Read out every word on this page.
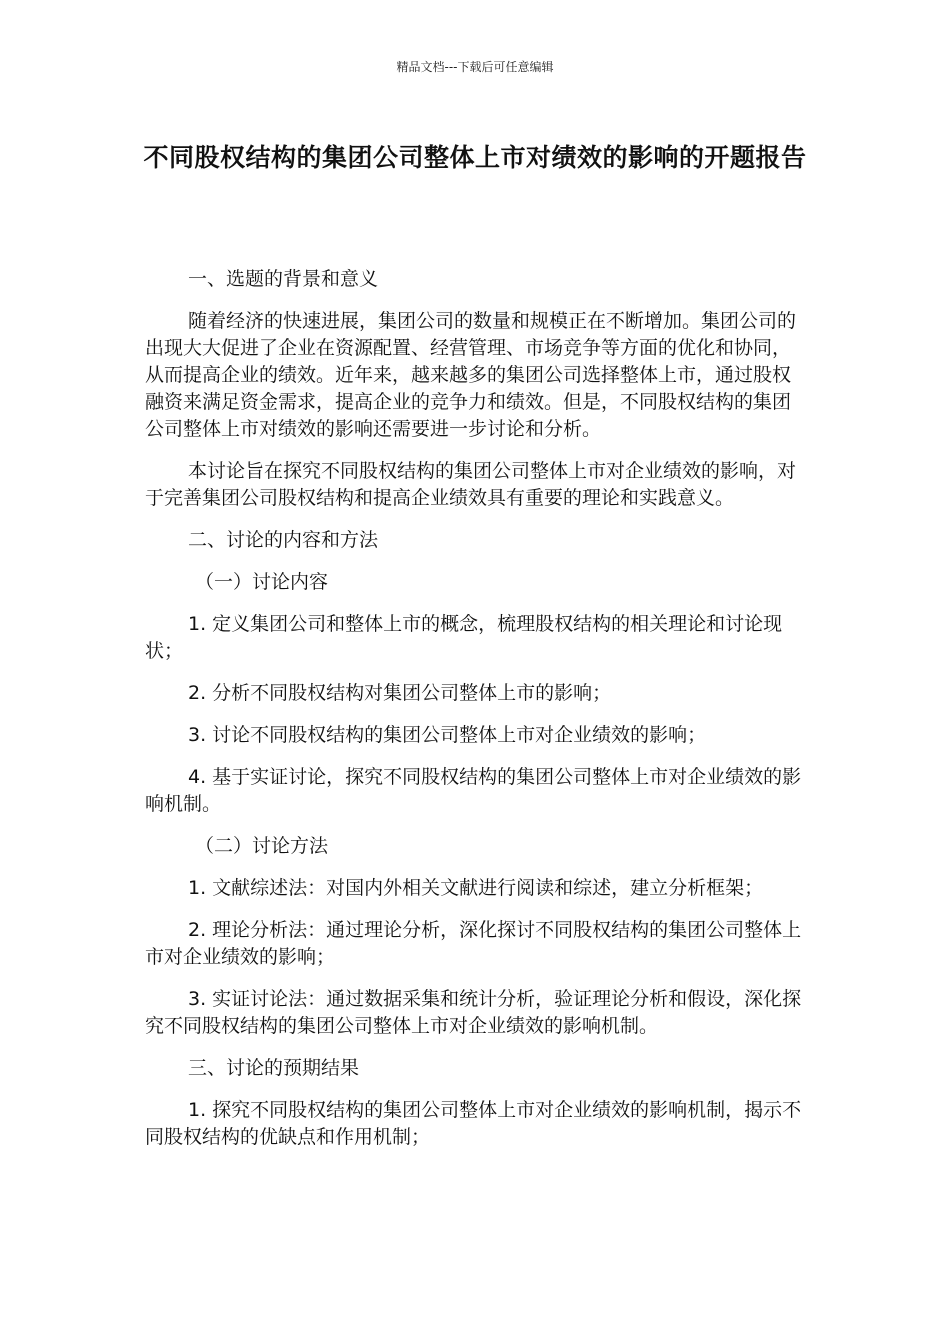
精品文档---下载后可任意编辑
不同股权结构的集团公司整体上市对绩效的影响的开题报告

一、选题的背景和意义

随着经济的快速进展，集团公司的数量和规模正在不断增加。集团公司的出现大大促进了企业在资源配置、经营管理、市场竞争等方面的优化和协同，从而提高企业的绩效。近年来，越来越多的集团公司选择整体上市，通过股权融资来满足资金需求，提高企业的竞争力和绩效。但是，不同股权结构的集团公司整体上市对绩效的影响还需要进一步讨论和分析。

本讨论旨在探究不同股权结构的集团公司整体上市对企业绩效的影响，对于完善集团公司股权结构和提高企业绩效具有重要的理论和实践意义。

二、讨论的内容和方法

（一）讨论内容

1. 定义集团公司和整体上市的概念，梳理股权结构的相关理论和讨论现状；

2. 分析不同股权结构对集团公司整体上市的影响；

3. 讨论不同股权结构的集团公司整体上市对企业绩效的影响；

4. 基于实证讨论，探究不同股权结构的集团公司整体上市对企业绩效的影响机制。

（二）讨论方法

1. 文献综述法：对国内外相关文献进行阅读和综述，建立分析框架；

2. 理论分析法：通过理论分析，深化探讨不同股权结构的集团公司整体上市对企业绩效的影响；

3. 实证讨论法：通过数据采集和统计分析，验证理论分析和假设，深化探究不同股权结构的集团公司整体上市对企业绩效的影响机制。

三、讨论的预期结果

1. 探究不同股权结构的集团公司整体上市对企业绩效的影响机制，揭示不同股权结构的优缺点和作用机制；
